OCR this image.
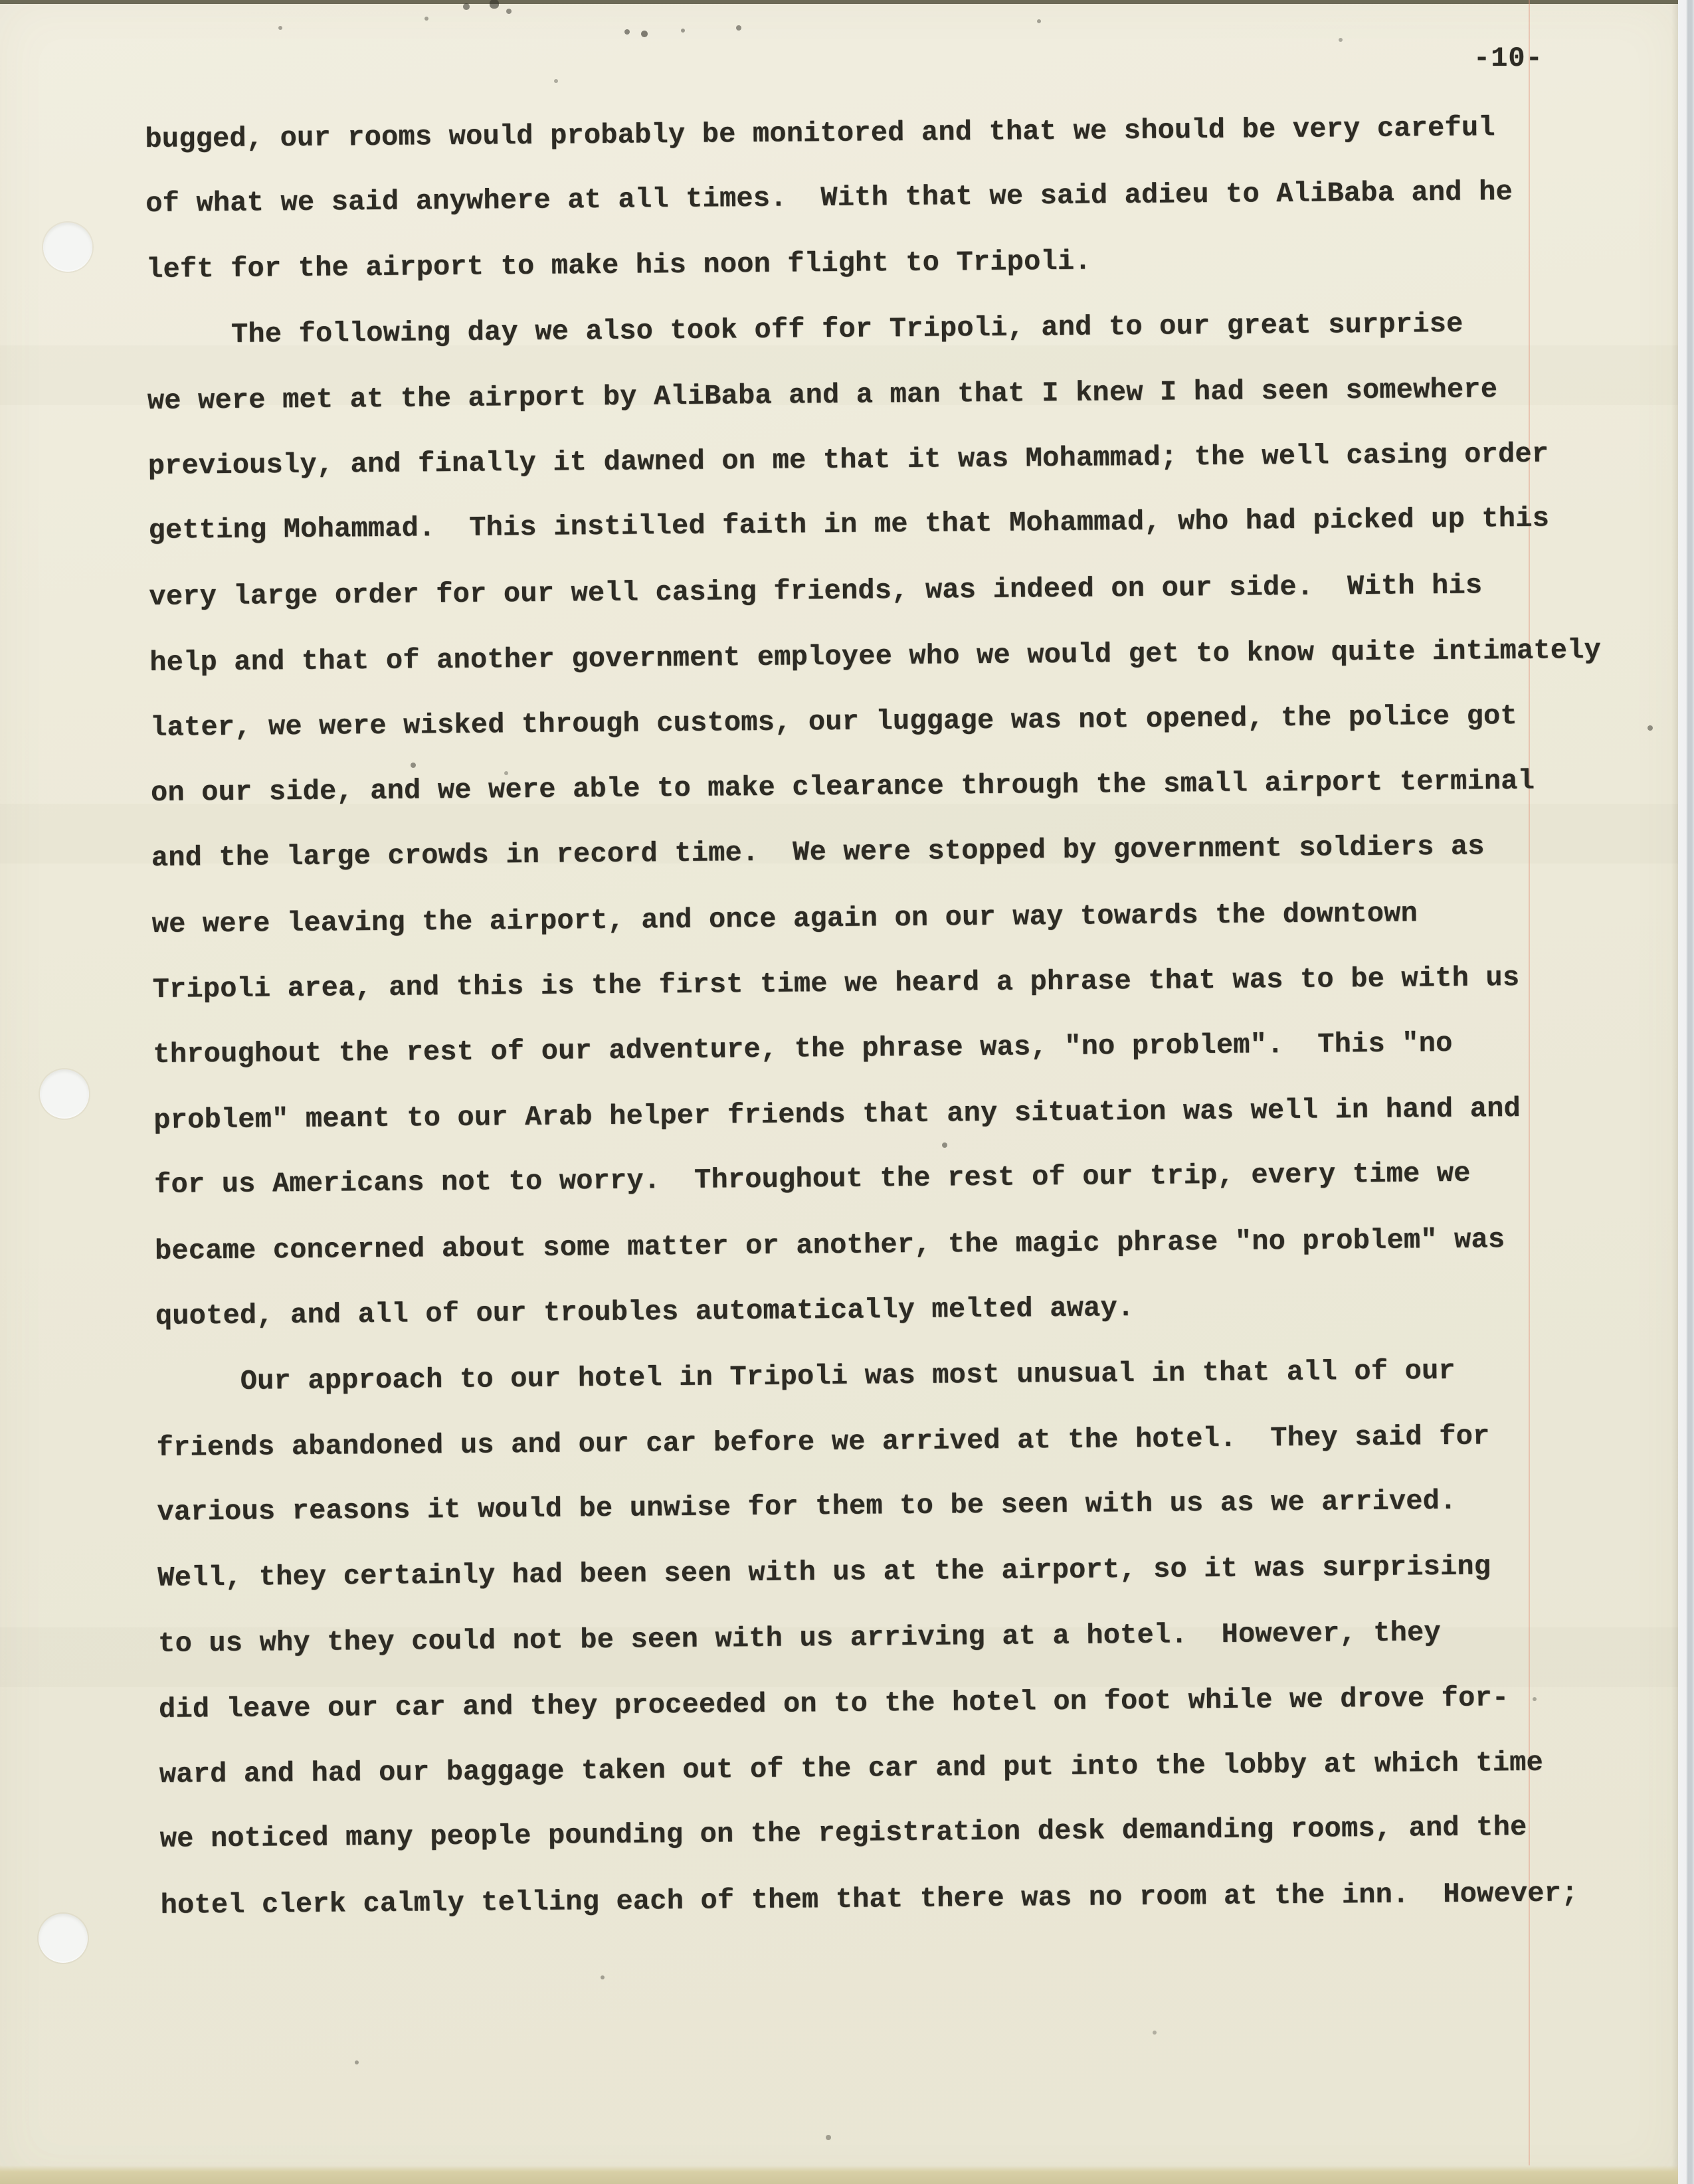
-10-
bugged, our rooms would probably be monitored and that we should be very careful
of what we said anywhere at all times.  With that we said adieu to AliBaba and he
left for the airport to make his noon flight to Tripoli.
The following day we also took off for Tripoli, and to our great surprise
we were met at the airport by AliBaba and a man that I knew I had seen somewhere
previously, and finally it dawned on me that it was Mohammad; the well casing order
getting Mohammad.  This instilled faith in me that Mohammad, who had picked up this
very large order for our well casing friends, was indeed on our side.  With his
help and that of another government employee who we would get to know quite intimately
later, we were wisked through customs, our luggage was not opened, the police got
on our side, and we were able to make clearance through the small airport terminal
and the large crowds in record time.  We were stopped by government soldiers as
we were leaving the airport, and once again on our way towards the downtown
Tripoli area, and this is the first time we heard a phrase that was to be with us
throughout the rest of our adventure, the phrase was, "no problem".  This "no
problem" meant to our Arab helper friends that any situation was well in hand and
for us Americans not to worry.  Throughout the rest of our trip, every time we
became concerned about some matter or another, the magic phrase "no problem" was
quoted, and all of our troubles automatically melted away.
Our approach to our hotel in Tripoli was most unusual in that all of our
friends abandoned us and our car before we arrived at the hotel.  They said for
various reasons it would be unwise for them to be seen with us as we arrived.
Well, they certainly had been seen with us at the airport, so it was surprising
to us why they could not be seen with us arriving at a hotel.  However, they
did leave our car and they proceeded on to the hotel on foot while we drove for-
ward and had our baggage taken out of the car and put into the lobby at which time
we noticed many people pounding on the registration desk demanding rooms, and the
hotel clerk calmly telling each of them that there was no room at the inn.  However;
